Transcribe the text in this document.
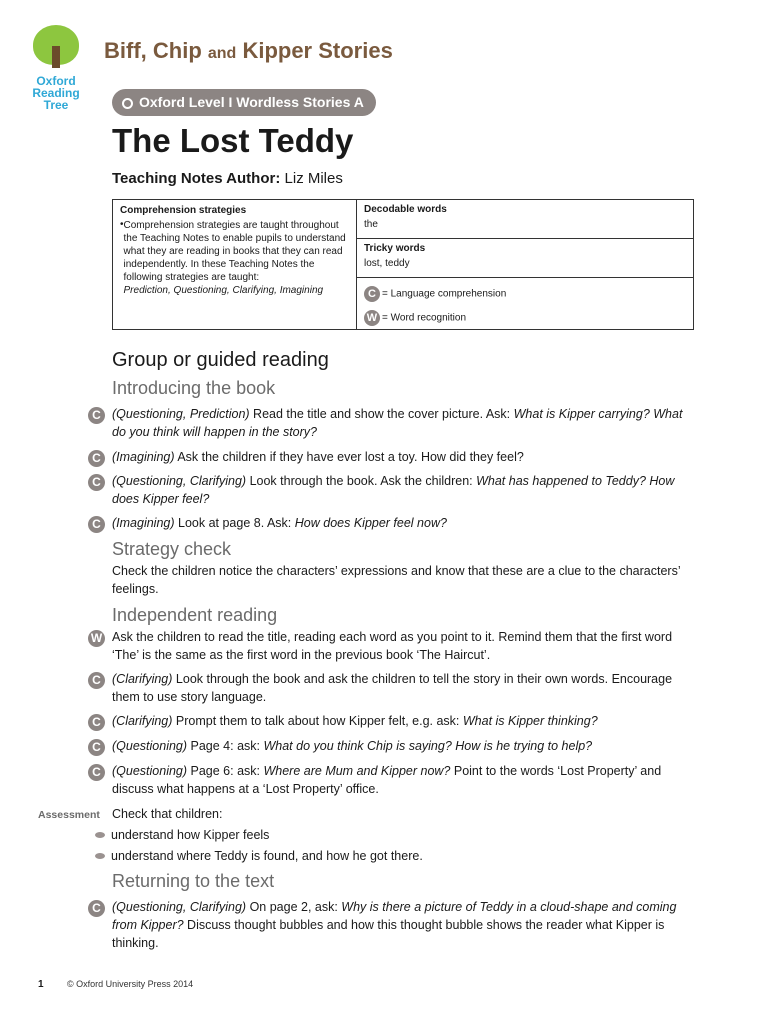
Oxford
Reading
Tree
Biff, Chip and Kipper Stories
Oxford Level I Wordless Stories A
The Lost Teddy
Teaching Notes Author: Liz Miles
Comprehension strategies
• Comprehension strategies are taught throughout the Teaching Notes to enable pupils to understand what they are reading in books that they can read independently. In these Teaching Notes the following strategies are taught:
Prediction, Questioning, Clarifying, Imagining
Decodable words
the
Tricky words
lost, teddy
C = Language comprehension
W = Word recognition
Group or guided reading
Introducing the book
C (Questioning, Prediction) Read the title and show the cover picture. Ask: What is Kipper carrying? What do you think will happen in the story?
C (Imagining) Ask the children if they have ever lost a toy. How did they feel?
C (Questioning, Clarifying) Look through the book. Ask the children: What has happened to Teddy? How does Kipper feel?
C (Imagining) Look at page 8. Ask: How does Kipper feel now?
Strategy check
Check the children notice the characters’ expressions and know that these are a clue to the characters’ feelings.
Independent reading
W Ask the children to read the title, reading each word as you point to it. Remind them that the first word ‘The’ is the same as the first word in the previous book ‘The Haircut’.
C (Clarifying) Look through the book and ask the children to tell the story in their own words. Encourage them to use story language.
C (Clarifying) Prompt them to talk about how Kipper felt, e.g. ask: What is Kipper thinking?
C (Questioning) Page 4: ask: What do you think Chip is saying? How is he trying to help?
C (Questioning) Page 6: ask: Where are Mum and Kipper now? Point to the words ‘Lost Property’ and discuss what happens at a ‘Lost Property’ office.
Assessment Check that children:
understand how Kipper feels
understand where Teddy is found, and how he got there.
Returning to the text
C (Questioning, Clarifying) On page 2, ask: Why is there a picture of Teddy in a cloud-shape and coming from Kipper? Discuss thought bubbles and how this thought bubble shows the reader what Kipper is thinking.
1	© Oxford University Press 2014
